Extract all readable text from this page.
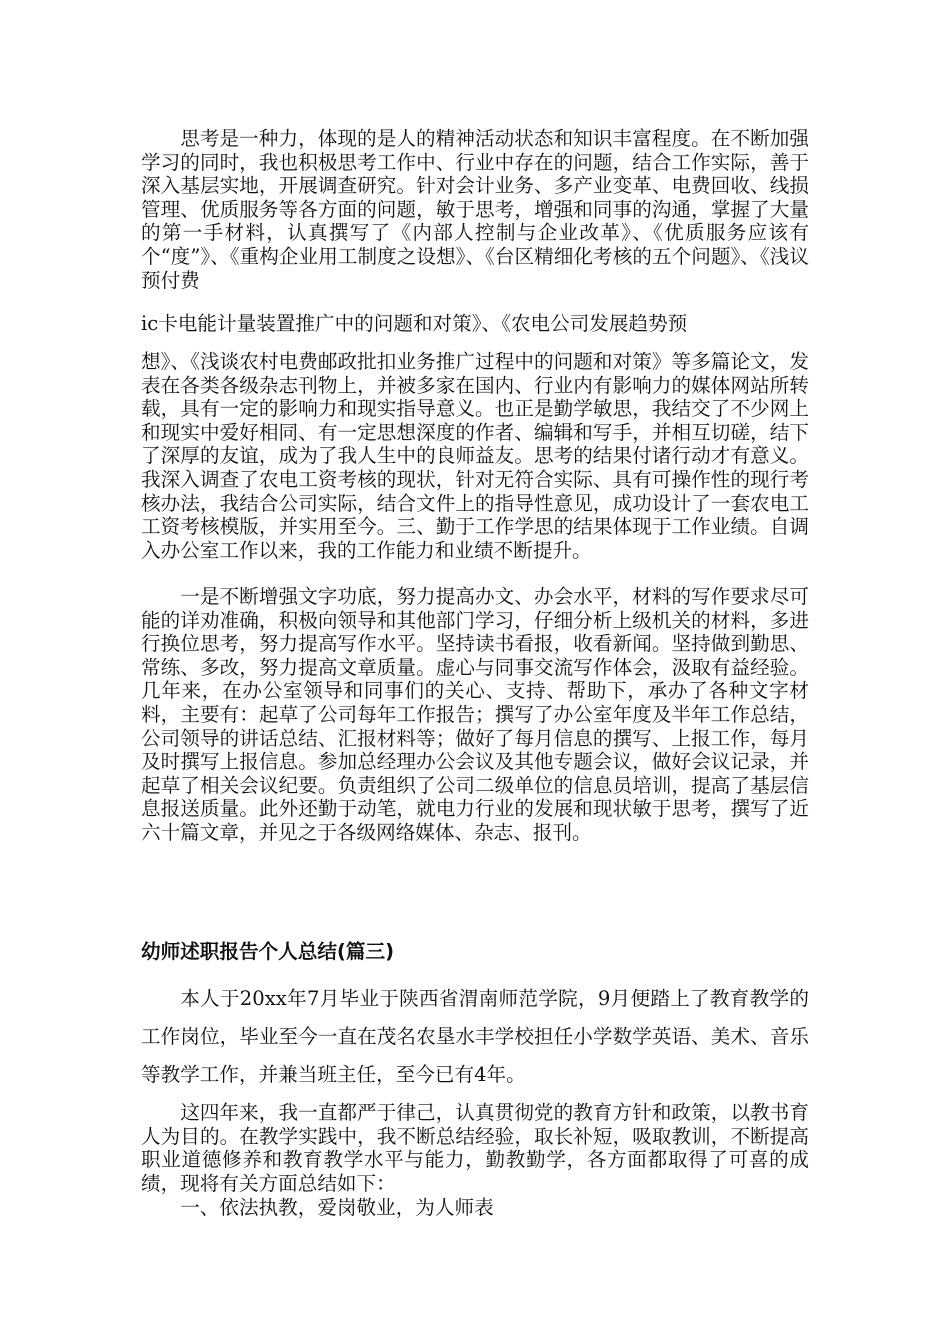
思考是一种力，体现的是人的精神活动状态和知识丰富程度。在不断加强学习的同时，我也积极思考工作中、行业中存在的问题，结合工作实际，善于深入基层实地，开展调查研究。针对会计业务、多产业变革、电费回收、线损管理、优质服务等各方面的问题，敏于思考，增强和同事的沟通，掌握了大量的第一手材料，认真撰写了《内部人控制与企业改革》、《优质服务应该有个“度”》、《重构企业用工制度之设想》、《台区精细化考核的五个问题》、《浅议预付费

ic卡电能计量装置推广中的问题和对策》、《农电公司发展趋势预

想》、《浅谈农村电费邮政批扣业务推广过程中的问题和对策》等多篇论文，发表在各类各级杂志刊物上，并被多家在国内、行业内有影响力的媒体网站所转载，具有一定的影响力和现实指导意义。也正是勤学敏思，我结交了不少网上和现实中爱好相同、有一定思想深度的作者、编辑和写手，并相互切磋，结下了深厚的友谊，成为了我人生中的良师益友。思考的结果付诸行动才有意义。我深入调查了农电工资考核的现状，针对无符合实际、具有可操作性的现行考核办法，我结合公司实际，结合文件上的指导性意见，成功设计了一套农电工工资考核模版，并实用至今。三、勤于工作学思的结果体现于工作业绩。自调入办公室工作以来，我的工作能力和业绩不断提升。

一是不断增强文字功底，努力提高办文、办会水平，材料的写作要求尽可能的详劝准确，积极向领导和其他部门学习，仔细分析上级机关的材料，多进行换位思考，努力提高写作水平。坚持读书看报，收看新闻。坚持做到勤思、常练、多改，努力提高文章质量。虚心与同事交流写作体会，汲取有益经验。几年来，在办公室领导和同事们的关心、支持、帮助下，承办了各种文字材料，主要有：起草了公司每年工作报告；撰写了办公室年度及半年工作总结，公司领导的讲话总结、汇报材料等；做好了每月信息的撰写、上报工作，每月及时撰写上报信息。参加总经理办公会议及其他专题会议，做好会议记录，并起草了相关会议纪要。负责组织了公司二级单位的信息员培训，提高了基层信息报送质量。此外还勤于动笔，就电力行业的发展和现状敏于思考，撰写了近六十篇文章，并见之于各级网络媒体、杂志、报刊。

幼师述职报告个人总结(篇三)

本人于20xx年7月毕业于陕西省渭南师范学院，9月便踏上了教育教学的工作岗位，毕业至今一直在茂名农垦水丰学校担任小学数学英语、美术、音乐等教学工作，并兼当班主任，至今已有4年。

这四年来，我一直都严于律己，认真贯彻党的教育方针和政策，以教书育人为目的。在教学实践中，我不断总结经验，取长补短，吸取教训，不断提高职业道德修养和教育教学水平与能力，勤教勤学，各方面都取得了可喜的成绩，现将有关方面总结如下：

一、依法执教，爱岗敬业，为人师表
